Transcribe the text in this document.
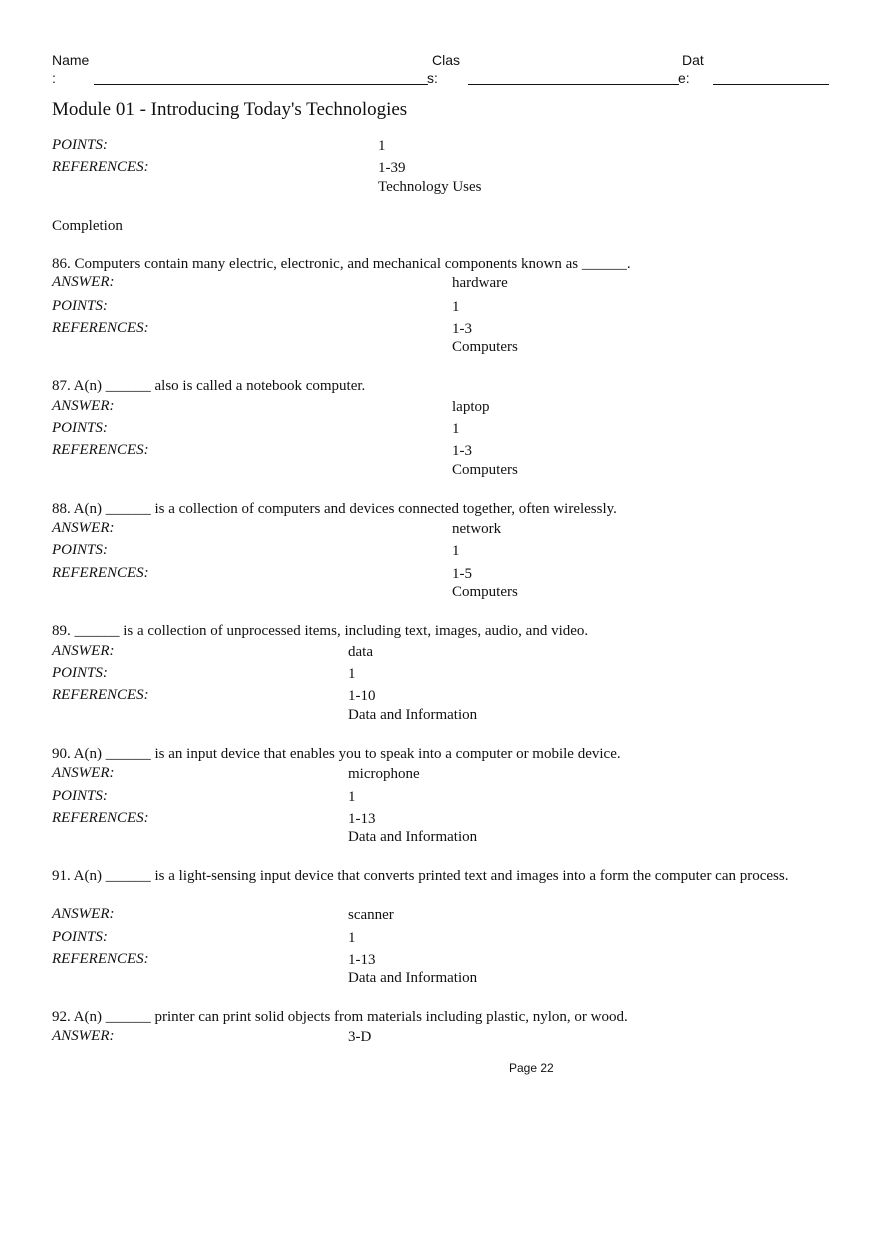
Name
:
Clas
s:
Dat
e:
Module 01 - Introducing Today's Technologies
POINTS:	1
REFERENCES:	1-39
Technology Uses
Completion
86. Computers contain many electric, electronic, and mechanical components known as ______.
ANSWER:	hardware
POINTS:	1
REFERENCES:	1-3
Computers
87. A(n) ______ also is called a notebook computer.
ANSWER:	laptop
POINTS:	1
REFERENCES:	1-3
Computers
88. A(n) ______ is a collection of computers and devices connected together, often wirelessly.
ANSWER:	network
POINTS:	1
REFERENCES:	1-5
Computers
89. ______ is a collection of unprocessed items, including text, images, audio, and video.
ANSWER:	data
POINTS:	1
REFERENCES:	1-10
Data and Information
90. A(n) ______ is an input device that enables you to speak into a computer or mobile device.
ANSWER:	microphone
POINTS:	1
REFERENCES:	1-13
Data and Information
91. A(n) ______ is a light-sensing input device that converts printed text and images into a form the computer can process.
ANSWER:	scanner
POINTS:	1
REFERENCES:	1-13
Data and Information
92. A(n) ______ printer can print solid objects from materials including plastic, nylon, or wood.
ANSWER:	3-D
Page 22
